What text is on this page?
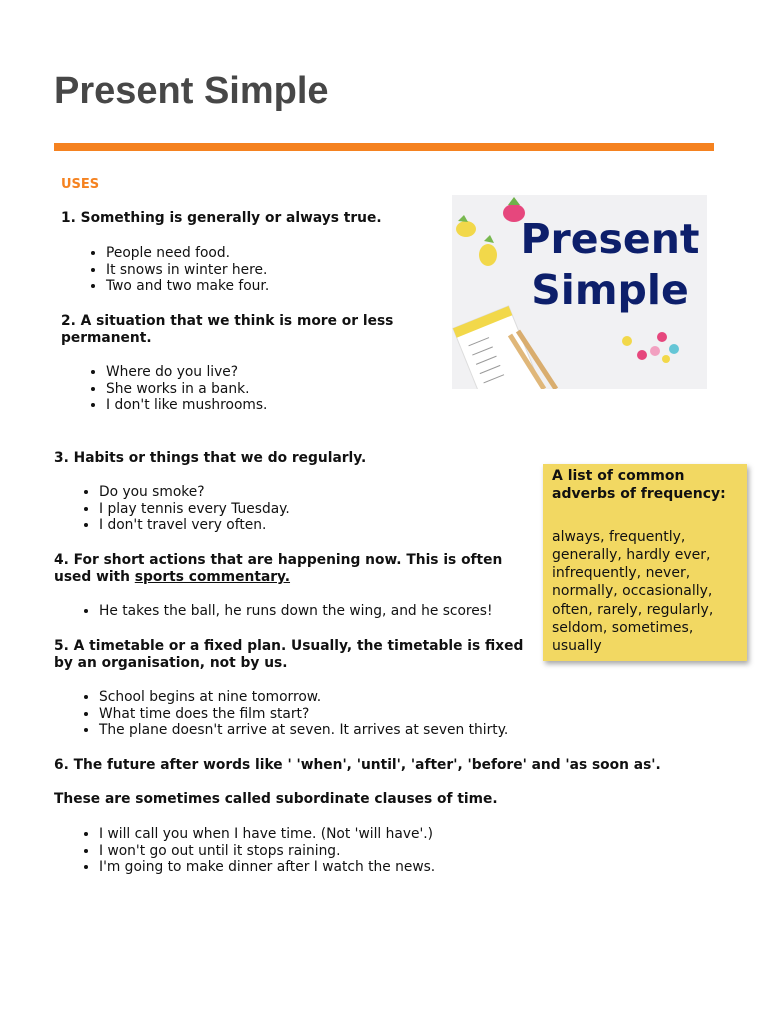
Present Simple
USES

1. Something is generally or always true.

• People need food.
• It snows in winter here.
• Two and two make four.

2. A situation that we think is more or less permanent.

• Where do you live?
• She works in a bank.
• I don't like mushrooms.

3. Habits or things that we do regularly.

• Do you smoke?
• I play tennis every Tuesday.
• I don't travel very often.

4. For short actions that are happening now. This is often used with sports commentary.

• He takes the ball, he runs down the wing, and he scores!

5. A timetable or a fixed plan. Usually, the timetable is fixed by an organisation, not by us.

• School begins at nine tomorrow.
• What time does the film start?
• The plane doesn't arrive at seven. It arrives at seven thirty.

6. The future after words like ' 'when', 'until', 'after', 'before' and 'as soon as'.

These are sometimes called subordinate clauses of time.

• I will call you when I have time. (Not 'will have'.)
• I won't go out until it stops raining.
• I'm going to make dinner after I watch the news.
Present
Simple

A list of common adverbs of frequency:

always, frequently, generally, hardly ever, infrequently, never, normally, occasionally, often, rarely, regularly, seldom, sometimes, usually
